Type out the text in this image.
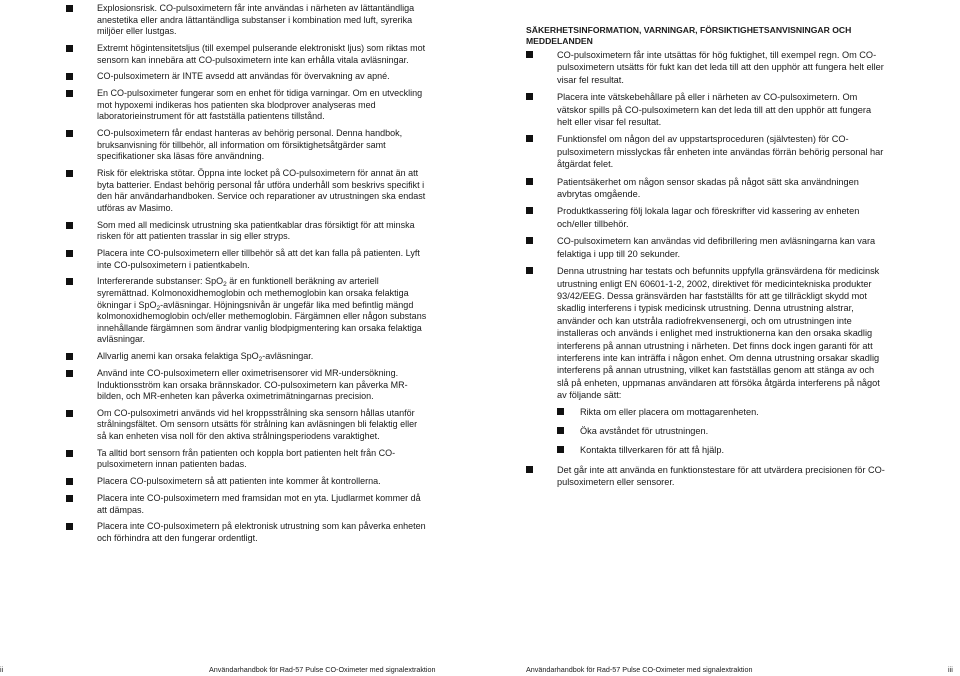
Explosionsrisk. CO-pulsoximetern får inte användas i närheten av lättantändliga anestetika eller andra lättantändliga substanser i kombination med luft, syrerika miljöer eller lustgas.
Extremt högintensitetsljus (till exempel pulserande elektroniskt ljus) som riktas mot sensorn kan innebära att CO-pulsoximetern inte kan erhålla vitala avläsningar.
CO-pulsoximetern är INTE avsedd att användas för övervakning av apné.
En CO-pulsoximeter fungerar som en enhet för tidiga varningar. Om en utveckling mot hypoxemi indikeras hos patienten ska blodprover analyseras med laboratorieinstrument för att fastställa patientens tillstånd.
CO-pulsoximetern får endast hanteras av behörig personal. Denna handbok, bruksanvisning för tillbehör, all information om försiktighetsåtgärder samt specifikationer ska läsas före användning.
Risk för elektriska stötar. Öppna inte locket på CO-pulsoximetern för annat än att byta batterier. Endast behörig personal får utföra underhåll som beskrivs specifikt i den här användarhandboken. Service och reparationer av utrustningen ska endast utföras av Masimo.
Som med all medicinsk utrustning ska patientkablar dras försiktigt för att minska risken för att patienten trasslar in sig eller stryps.
Placera inte CO-pulsoximetern eller tillbehör så att det kan falla på patienten. Lyft inte CO-pulsoximetern i patientkabeln.
Interfererande substanser: SpO$_2$ är en funktionell beräkning av arteriell syremättnad. Kolmonoxidhemoglobin och methemoglobin kan orsaka felaktiga ökningar i SpO$_2$-avläsningar. Höjningsnivån är ungefär lika med befintlig mängd kolmonoxidhemoglobin och/eller methemoglobin. Färgämnen eller någon substans innehållande färgämnen som ändrar vanlig blodpigmentering kan orsaka felaktiga avläsningar.
Allvarlig anemi kan orsaka felaktiga SpO$_2$-avläsningar.
Använd inte CO-pulsoximetern eller oximetrisensorer vid MR-undersökning. Induktionsström kan orsaka brännskador. CO-pulsoximetern kan påverka MR-bilden, och MR-enheten kan påverka oximetrimätningarnas precision.
Om CO-pulsoximetri används vid hel kroppsstrålning ska sensorn hållas utanför strålningsfältet. Om sensorn utsätts för strålning kan avläsningen bli felaktig eller så kan enheten visa noll för den aktiva strålningsperiodens varaktighet.
Ta alltid bort sensorn från patienten och koppla bort patienten helt från CO-pulsoximetern innan patienten badas.
Placera CO-pulsoximetern så att patienten inte kommer åt kontrollerna.
Placera inte CO-pulsoximetern med framsidan mot en yta. Ljudlarmet kommer då att dämpas.
Placera inte CO-pulsoximetern på elektronisk utrustning som kan påverka enheten och förhindra att den fungerar ordentligt.
SÄKERHETSINFORMATION, VARNINGAR, FÖRSIKTIGHETSANVISNINGAR OCH MEDDELANDEN
CO-pulsoximetern får inte utsättas för hög fuktighet, till exempel regn. Om CO-pulsoximetern utsätts för fukt kan det leda till att den upphör att fungera helt eller visar fel resultat.
Placera inte vätskebehållare på eller i närheten av CO-pulsoximetern. Om vätskor spills på CO-pulsoximetern kan det leda till att den upphör att fungera helt eller visar fel resultat.
Funktionsfel om någon del av uppstartsproceduren (självtesten) för CO-pulsoximetern misslyckas får enheten inte användas förrän behörig personal har åtgärdat felet.
Patientsäkerhet om någon sensor skadas på något sätt ska användningen avbrytas omgående.
Produktkassering följ lokala lagar och föreskrifter vid kassering av enheten och/eller tillbehör.
CO-pulsoximetern kan användas vid defibrillering men avläsningarna kan vara felaktiga i upp till 20 sekunder.
Denna utrustning har testats och befunnits uppfylla gränsvärdena för medicinsk utrustning enligt EN 60601-1-2, 2002, direktivet för medicintekniska produkter 93/42/EEG. Dessa gränsvärden har fastställts för att ge tillräckligt skydd mot skadlig interferens i typisk medicinsk utrustning. Denna utrustning alstrar, använder och kan utstråla radiofrekvensenergi, och om utrustningen inte installeras och används i enlighet med instruktionerna kan den orsaka skadlig interferens på annan utrustning i närheten. Det finns dock ingen garanti för att interferens inte kan inträffa i någon enhet. Om denna utrustning orsakar skadlig interferens på annan utrustning, vilket kan fastställas genom att stänga av och slå på enheten, uppmanas användaren att försöka åtgärda interferens på något av följande sätt:
Rikta om eller placera om mottagarenheten.
Öka avståndet för utrustningen.
Kontakta tillverkaren för att få hjälp.
Det går inte att använda en funktionstestare för att utvärdera precisionen för CO-pulsoximetern eller sensorer.
ii	Användarhandbok för Rad-57 Pulse CO-Oximeter med signalextraktion	Användarhandbok för Rad-57 Pulse CO-Oximeter med signalextraktion	iii
